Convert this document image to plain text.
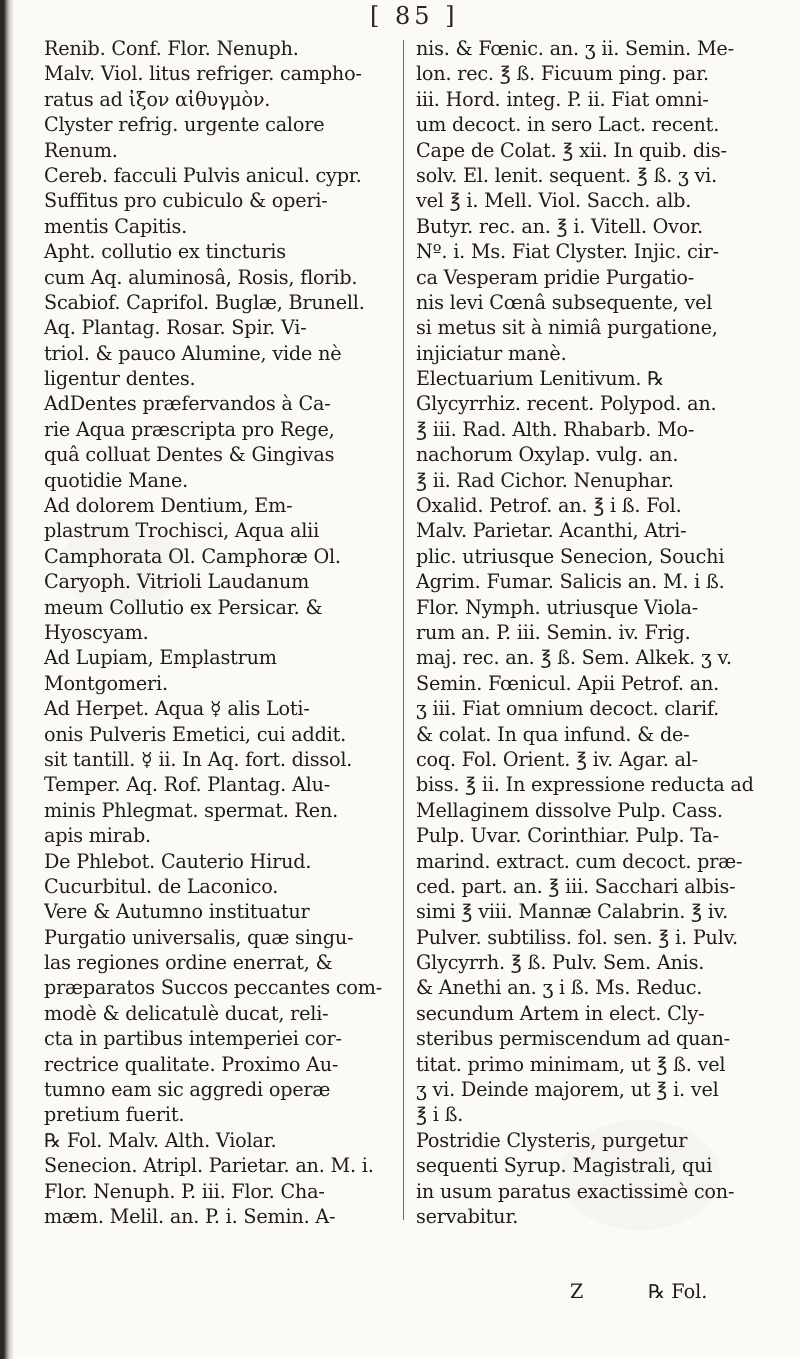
[ 85 ]
Renib. Conf. Flor. Nenuph.
Malv. Viol. litus refriger. campho-
ratus ad ἰξον αἰθυγμὸν.
Clyster refrig. urgente calore
Renum.
Cereb. facculi Pulvis anicul. cypr.
Suffitus pro cubiculo & operi-
mentis Capitis.
Apht. collutio ex tincturis
cum Aq. aluminosâ, Rosis, florib.
Scabiof. Caprifol. Buglæ, Brunell.
Aq. Plantag. Rosar. Spir. Vi-
triol. & pauco Alumine, vide nè
ligentur dentes.
AdDentes præfervandos à Ca-
rie Aqua præscripta pro Rege,
quâ colluat Dentes & Gingivas
quotidie Mane.
Ad dolorem Dentium, Em-
plastrum Trochisci, Aqua alii
Camphorata Ol. Camphoræ Ol.
Caryoph. Vitrioli Laudanum
meum Collutio ex Persicar. &
Hyoscyam.
Ad Lupiam, Emplastrum
Montgomeri.
Ad Herpet. Aqua ☿ alis Loti-
onis Pulveris Emetici, cui addit.
sit tantill. ☿ ii. In Aq. fort. dissol.
Temper. Aq. Rof. Plantag. Alu-
minis Phlegmat. spermat. Ren.
apis mirab.
De Phlebot. Cauterio Hirud.
Cucurbitul. de Laconico.
Vere & Autumno instituatur
Purgatio universalis, quæ singu-
las regiones ordine enerrat, &
præparatos Succos peccantes com-
modè & delicatulè ducat, reli-
cta in partibus intemperiei cor-
rectrice qualitate. Proximo Au-
tumno eam sic aggredi operæ
pretium fuerit.
℞ Fol. Malv. Alth. Violar.
Senecion. Atripl. Parietar. an. M. i.
Flor. Nenuph. P. iii. Flor. Cha-
mæm. Melil. an. P. i. Semin. A-
nis. & Fœnic. an. ʒ ii. Semin. Me-
lon. rec. ℥ ß. Ficuum ping. par.
iii. Hord. integ. P. ii. Fiat omni-
um decoct. in sero Lact. recent.
Cape de Colat. ℥ xii. In quib. dis-
solv. El. lenit. sequent. ℥ ß. ʒ vi.
vel ℥ i. Mell. Viol. Sacch. alb.
Butyr. rec. an. ℥ i. Vitell. Ovor.
Nº. i. Ms. Fiat Clyster. Injic. cir-
ca Vesperam pridie Purgatio-
nis levi Cœnâ subsequente, vel
si metus sit à nimiâ purgatione,
injiciatur manè.
Electuarium Lenitivum. ℞
Glycyrrhiz. recent. Polypod. an.
℥ iii. Rad. Alth. Rhabarb. Mo-
nachorum Oxylap. vulg. an.
℥ ii. Rad Cichor. Nenuphar.
Oxalid. Petrof. an. ℥ i ß. Fol.
Malv. Parietar. Acanthi, Atri-
plic. utriusque Senecion, Souchi
Agrim. Fumar. Salicis an. M. i ß.
Flor. Nymph. utriusque Viola-
rum an. P. iii. Semin. iv. Frig.
maj. rec. an. ℥ ß. Sem. Alkek. ʒ v.
Semin. Fœnicul. Apii Petrof. an.
ʒ iii. Fiat omnium decoct. clarif.
& colat. In qua infund. & de-
coq. Fol. Orient. ℥ iv. Agar. al-
biss. ℥ ii. In expressione reducta ad
Mellaginem dissolve Pulp. Cass.
Pulp. Uvar. Corinthiar. Pulp. Ta-
marind. extract. cum decoct. præ-
ced. part. an. ℥ iii. Sacchari albis-
simi ℥ viii. Mannæ Calabrin. ℥ iv.
Pulver. subtiliss. fol. sen. ℥ i. Pulv.
Glycyrrh. ℥ ß. Pulv. Sem. Anis.
& Anethi an. ʒ i ß. Ms. Reduc.
secundum Artem in elect. Cly-
steribus permiscendum ad quan-
titat. primo minimam, ut ℥ ß. vel
ʒ vi. Deinde majorem, ut ℥ i. vel
℥ i ß.
Postridie Clysteris, purgetur
sequenti Syrup. Magistrali, qui
in usum paratus exactissimè con-
servabitur.
Z	℞ Fol.
